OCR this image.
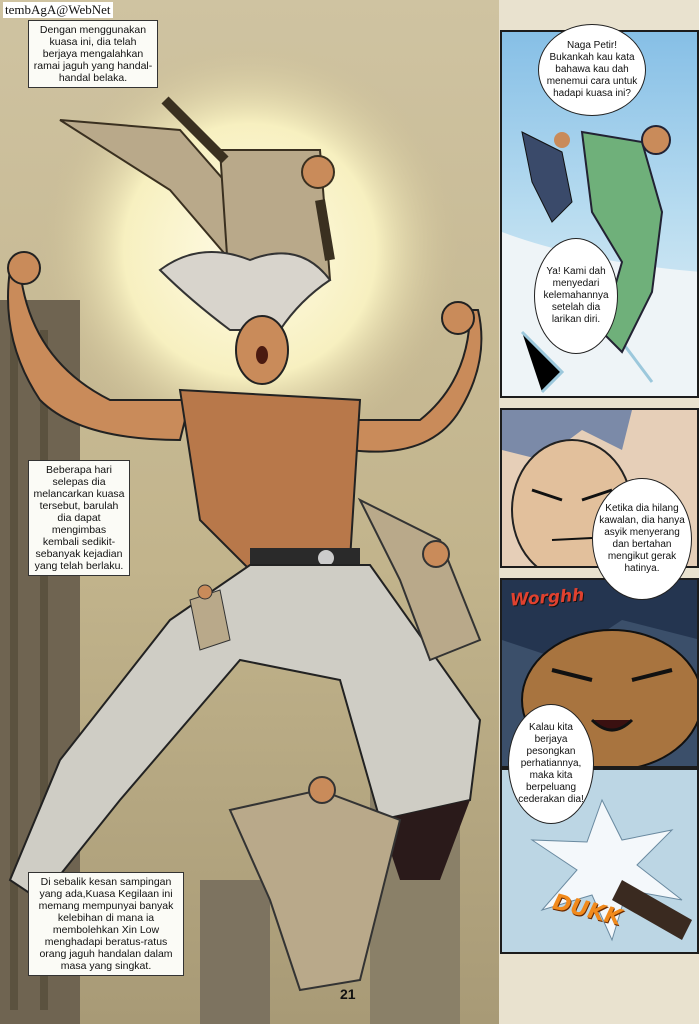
tembAgA@WebNet
Dengan menggunakan kuasa ini, dia telah berjaya mengalahkan ramai jaguh yang handal-handal belaka.
Beberapa hari selepas dia melancarkan kuasa tersebut, barulah dia dapat mengimbas kembali sedikit-sebanyak kejadian yang telah berlaku.
Di sebalik kesan sampingan yang ada,Kuasa Kegilaan ini memang mempunyai banyak kelebihan di mana ia membolehkan Xin Low menghadapi beratus-ratus orang jaguh handalan dalam masa yang singkat.
21
Naga Petir! Bukankah kau kata bahawa kau dah menemui cara untuk hadapi kuasa ini?
Ya! Kami dah menyedari kelemahannya setelah dia larikan diri.
Ketika dia hilang kawalan, dia hanya asyik menyerang dan bertahan mengikut gerak hatinya.
Worghh
Kalau kita berjaya pesongkan perhatiannya, maka kita berpeluang cederakan dia!
DUKK
